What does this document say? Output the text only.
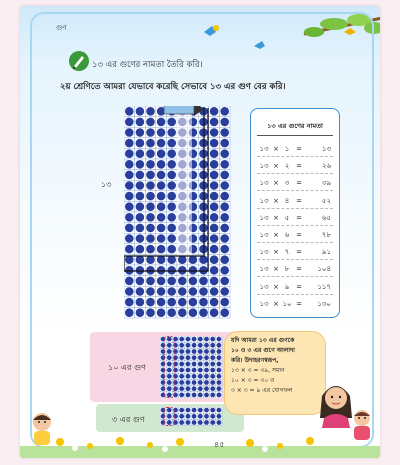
গুণ
১৩ এর গুণের নামতা তৈরি করি।
২য় শ্রেণিতে আমরা যেভাবে করেছি সেভাবে ১৩ এর গুণ বের করি।
১৩
১৩ এর গুণের নামতা
১৩ × ১ =	১৩
১৩ × ২ =	২৬
১৩ × ৩ =	৩৯
১৩ × ৪ =	৫২
১৩ × ৫ =	৬৫
১৩ × ৬ =	৭৮
১৩ × ৭ =	৯১
১৩ × ৮ = ১০৪
১৩ × ৯ = ১১৭
১৩ × ১০ = ১৩০
১০ এর গুণ
৩ এর গুণ
যদি আমরা ১৩ এর গুণকে
১০ ও ৩ এর গুণে আলাদা
করি। উদাহরণস্বরূপ,
১৩ × ৩ = ৩৯, সমান
১০ × ৩ = ৩০ ও
৩ × ৩ = ৯ এর যোগফল
৪৫
